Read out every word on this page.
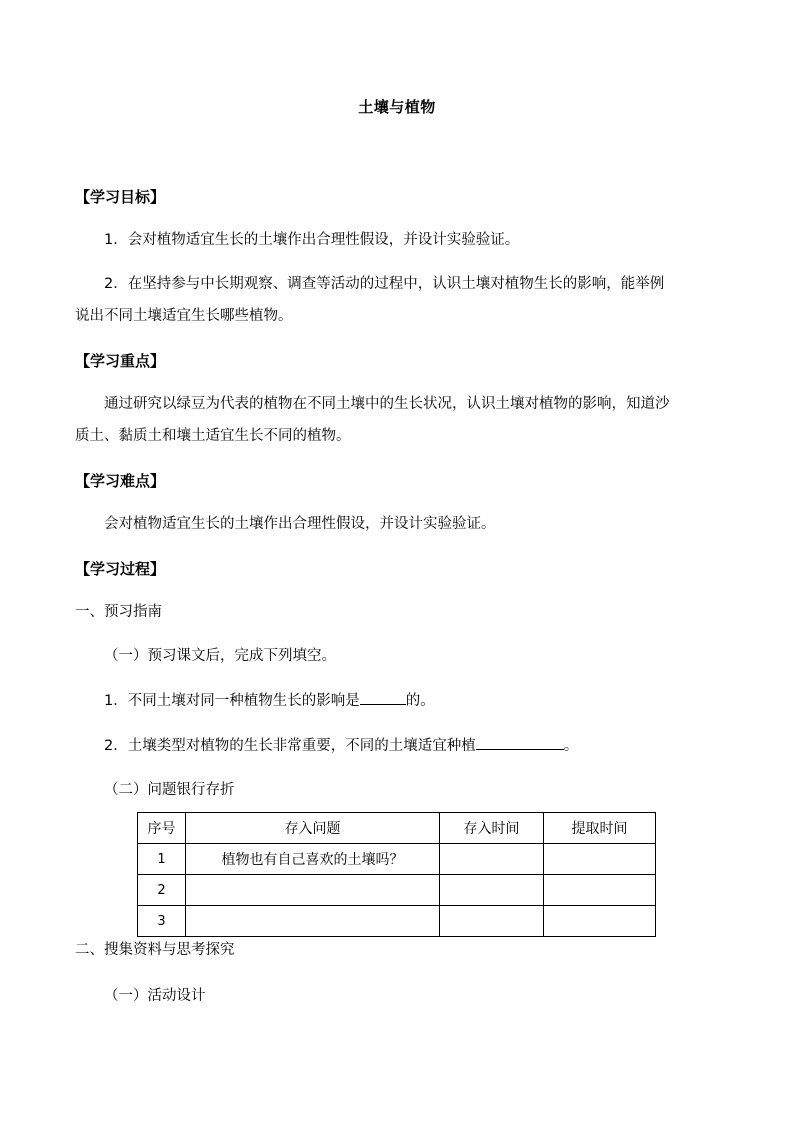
土壤与植物
【学习目标】
1．会对植物适宜生长的土壤作出合理性假设，并设计实验验证。
2．在坚持参与中长期观察、调查等活动的过程中，认识土壤对植物生长的影响，能举例
说出不同土壤适宜生长哪些植物。
【学习重点】
通过研究以绿豆为代表的植物在不同土壤中的生长状况，认识土壤对植物的影响，知道沙
质土、黏质土和壤土适宜生长不同的植物。
【学习难点】
会对植物适宜生长的土壤作出合理性假设，并设计实验验证。
【学习过程】
一、预习指南
（一）预习课文后，完成下列填空。
1．不同土壤对同一种植物生长的影响是	的。
2．土壤类型对植物的生长非常重要，不同的土壤适宜种植	。
（二）问题银行存折
序号	存入问题	存入时间	提取时间
1	植物也有自己喜欢的土壤吗？		
2			
3			
二、搜集资料与思考探究
（一）活动设计
